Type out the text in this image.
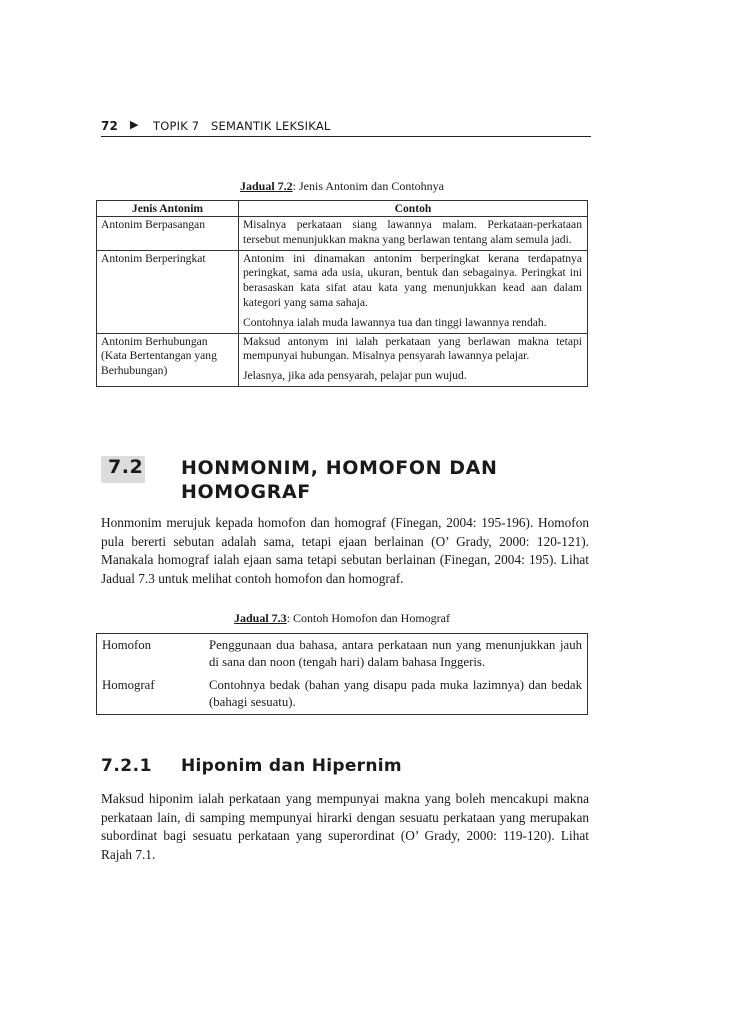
72 ▶ TOPIK 7 SEMANTIK LEKSIKAL
Jadual 7.2: Jenis Antonim dan Contohnya
Jenis Antonim	Contoh
Antonim Berpasangan	Misalnya perkataan siang lawannya malam. Perkataan-perkataan tersebut menunjukkan makna yang berlawan tentang alam semula jadi.

Antonim Berperingkat	Antonim ini dinamakan antonim berperingkat kerana terdapatnya peringkat, sama ada usia, ukuran, bentuk dan sebagainya. Peringkat ini berasaskan kata sifat atau kata yang menunjukkan kead aan dalam kategori yang sama sahaja.

Contohnya ialah muda lawannya tua dan tinggi lawannya rendah.

Antonim Berhubungan (Kata Bertentangan yang Berhubungan)	Maksud antonym ini ialah perkataan yang berlawan makna tetapi mempunyai hubungan. Misalnya pensyarah lawannya pelajar.

Jelasnya, jika ada pensyarah, pelajar pun wujud.

7.2 HONMONIM, HOMOFON DAN HOMOGRAF

Honmonim merujuk kepada homofon dan homograf (Finegan, 2004: 195-196). Homofon pula bererti sebutan adalah sama, tetapi ejaan berlainan (O’ Grady, 2000: 120-121). Manakala homograf ialah ejaan sama tetapi sebutan berlainan (Finegan, 2004: 195). Lihat Jadual 7.3 untuk melihat contoh homofon dan homograf.

Jadual 7.3: Contoh Homofon dan Homograf
Homofon	Penggunaan dua bahasa, antara perkataan nun yang menunjukkan jauh di sana dan noon (tengah hari) dalam bahasa Inggeris.
Homograf	Contohnya bedak (bahan yang disapu pada muka lazimnya) dan bedak (bahagi sesuatu).
7.2.1 Hiponim dan Hipernim

Maksud hiponim ialah perkataan yang mempunyai makna yang boleh mencakupi makna perkataan lain, di samping mempunyai hirarki dengan sesuatu perkataan yang merupakan subordinat bagi sesuatu perkataan yang superordinat (O’ Grady, 2000: 119-120). Lihat Rajah 7.1.
